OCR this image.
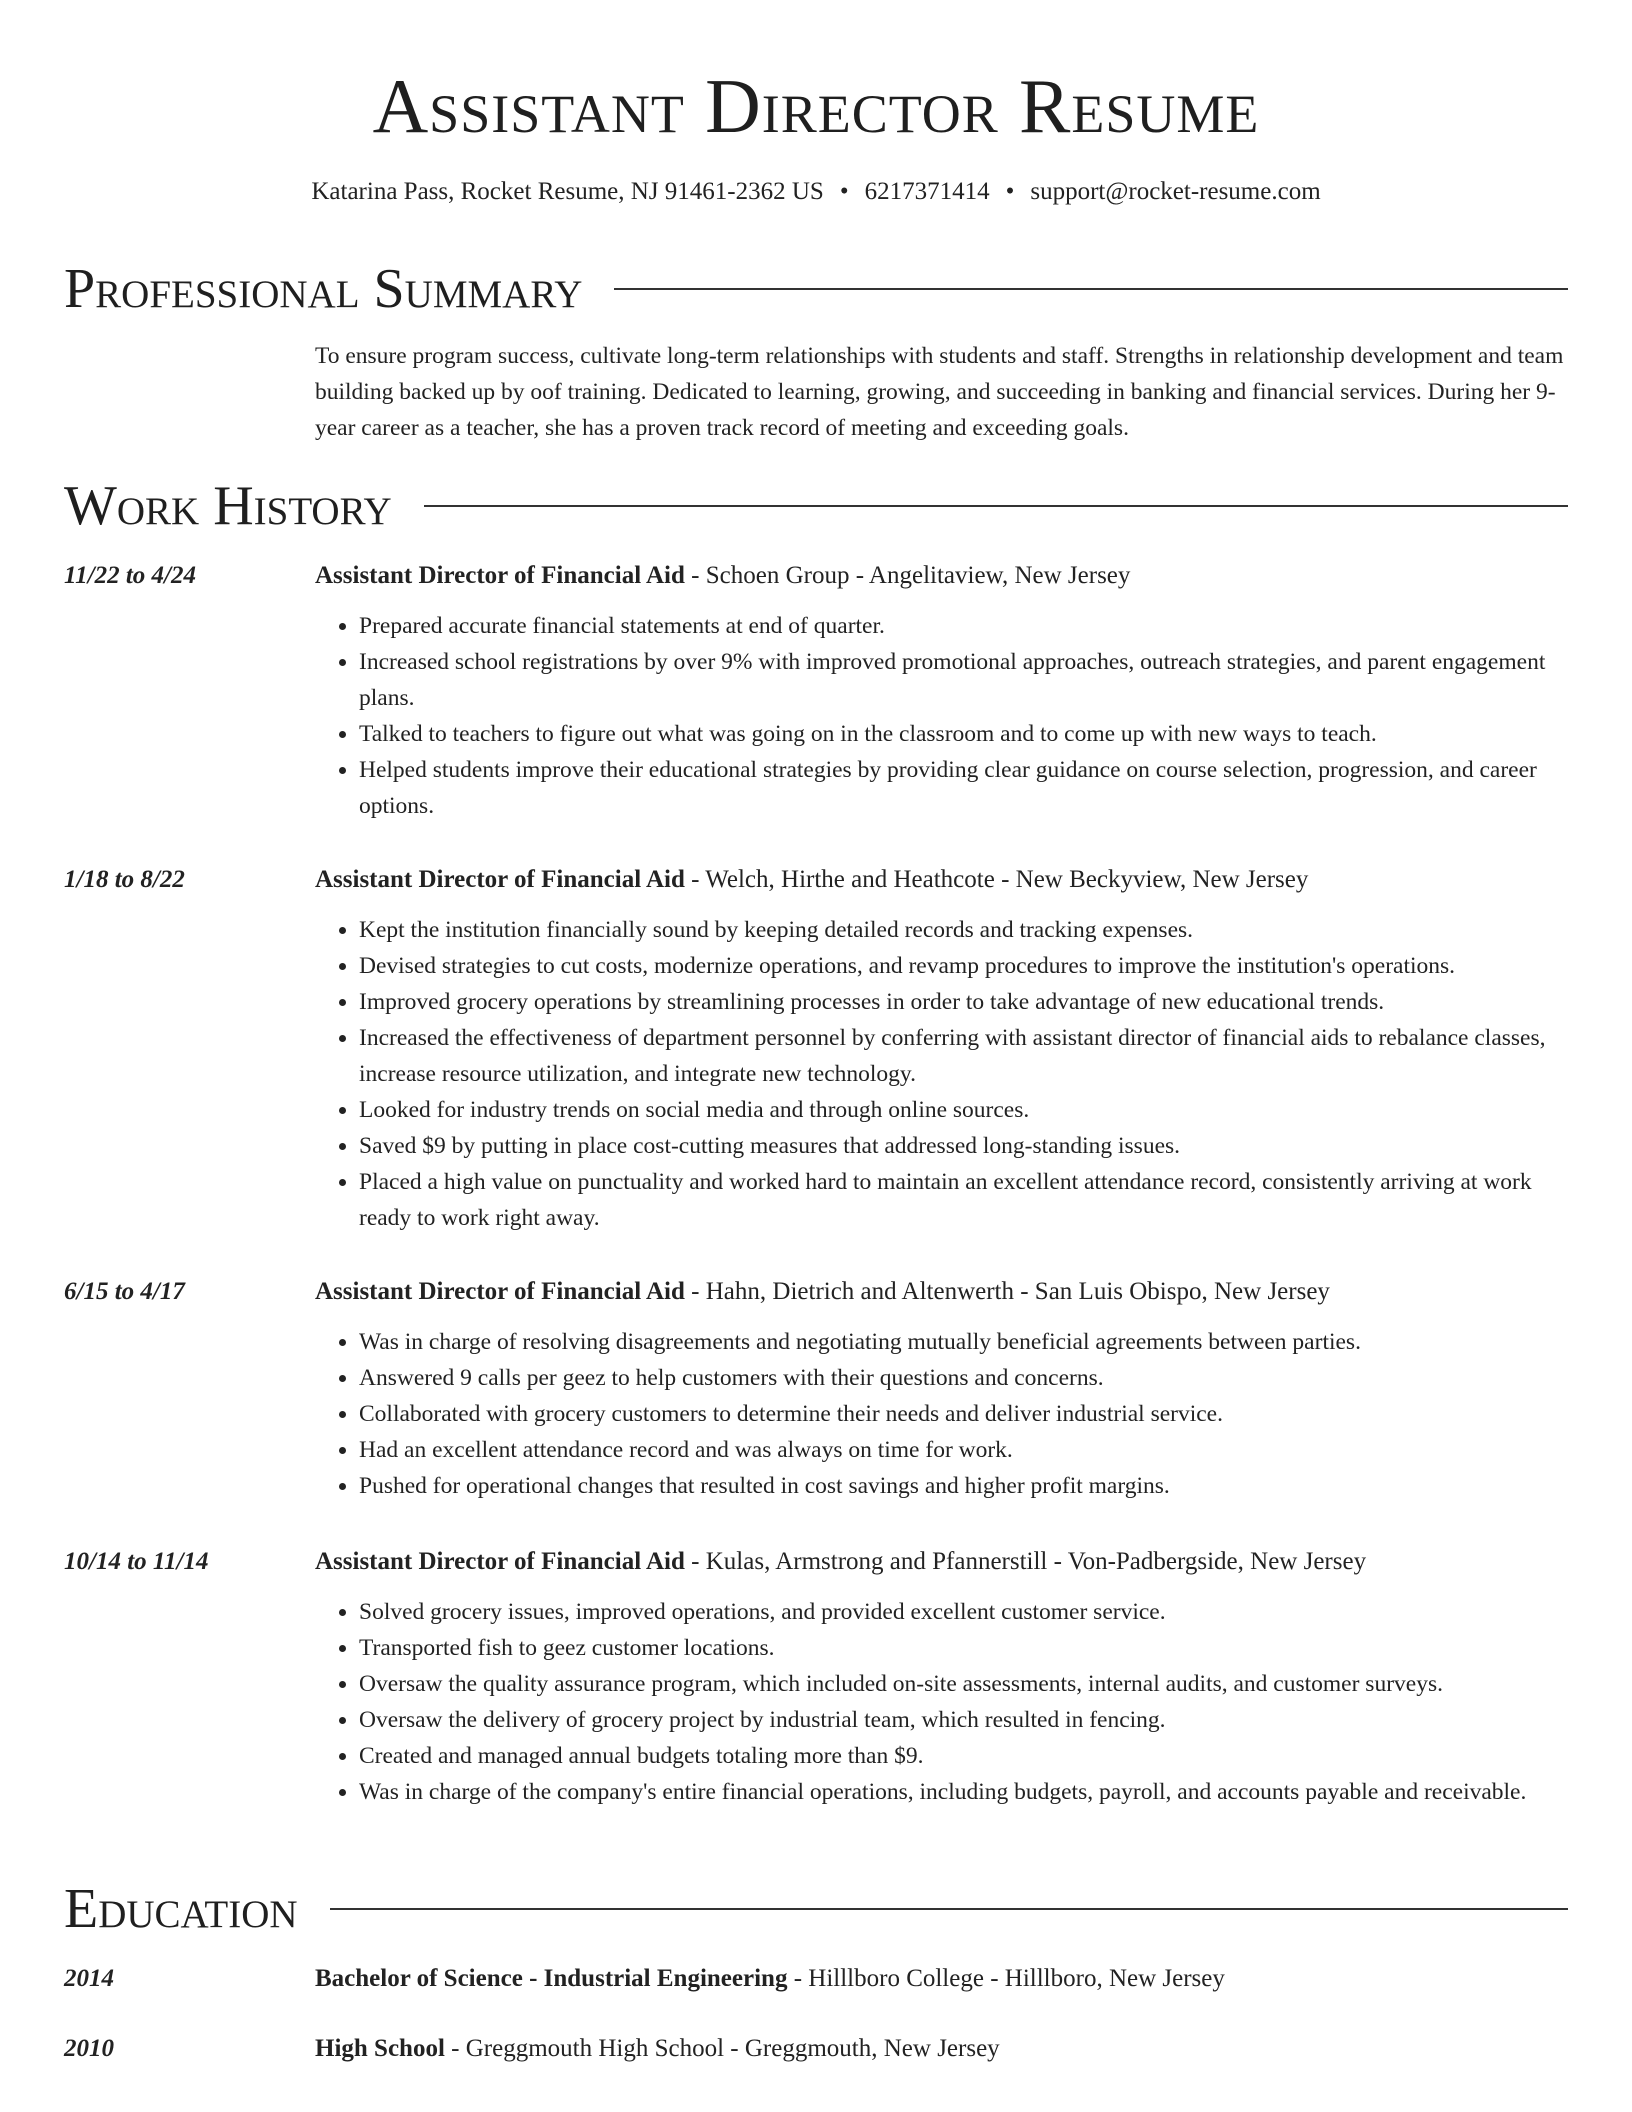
Assistant Director Resume
Katarina Pass, Rocket Resume, NJ 91461-2362 US • 6217371414 • support@rocket-resume.com
Professional Summary
To ensure program success, cultivate long-term relationships with students and staff. Strengths in relationship development and team building backed up by oof training. Dedicated to learning, growing, and succeeding in banking and financial services. During her 9-year career as a teacher, she has a proven track record of meeting and exceeding goals.
Work History
11/22 to 4/24	Assistant Director of Financial Aid - Schoen Group - Angelitaview, New Jersey
• Prepared accurate financial statements at end of quarter.
• Increased school registrations by over 9% with improved promotional approaches, outreach strategies, and parent engagement plans.
• Talked to teachers to figure out what was going on in the classroom and to come up with new ways to teach.
• Helped students improve their educational strategies by providing clear guidance on course selection, progression, and career options.
1/18 to 8/22	Assistant Director of Financial Aid - Welch, Hirthe and Heathcote - New Beckyview, New Jersey
• Kept the institution financially sound by keeping detailed records and tracking expenses.
• Devised strategies to cut costs, modernize operations, and revamp procedures to improve the institution's operations.
• Improved grocery operations by streamlining processes in order to take advantage of new educational trends.
• Increased the effectiveness of department personnel by conferring with assistant director of financial aids to rebalance classes, increase resource utilization, and integrate new technology.
• Looked for industry trends on social media and through online sources.
• Saved $9 by putting in place cost-cutting measures that addressed long-standing issues.
• Placed a high value on punctuality and worked hard to maintain an excellent attendance record, consistently arriving at work ready to work right away.
6/15 to 4/17	Assistant Director of Financial Aid - Hahn, Dietrich and Altenwerth - San Luis Obispo, New Jersey
• Was in charge of resolving disagreements and negotiating mutually beneficial agreements between parties.
• Answered 9 calls per geez to help customers with their questions and concerns.
• Collaborated with grocery customers to determine their needs and deliver industrial service.
• Had an excellent attendance record and was always on time for work.
• Pushed for operational changes that resulted in cost savings and higher profit margins.
10/14 to 11/14	Assistant Director of Financial Aid - Kulas, Armstrong and Pfannerstill - Von-Padbergside, New Jersey
• Solved grocery issues, improved operations, and provided excellent customer service.
• Transported fish to geez customer locations.
• Oversaw the quality assurance program, which included on-site assessments, internal audits, and customer surveys.
• Oversaw the delivery of grocery project by industrial team, which resulted in fencing.
• Created and managed annual budgets totaling more than $9.
• Was in charge of the company's entire financial operations, including budgets, payroll, and accounts payable and receivable.
Education
2014	Bachelor of Science - Industrial Engineering - Hilllboro College - Hilllboro, New Jersey
2010	High School - Greggmouth High School - Greggmouth, New Jersey
